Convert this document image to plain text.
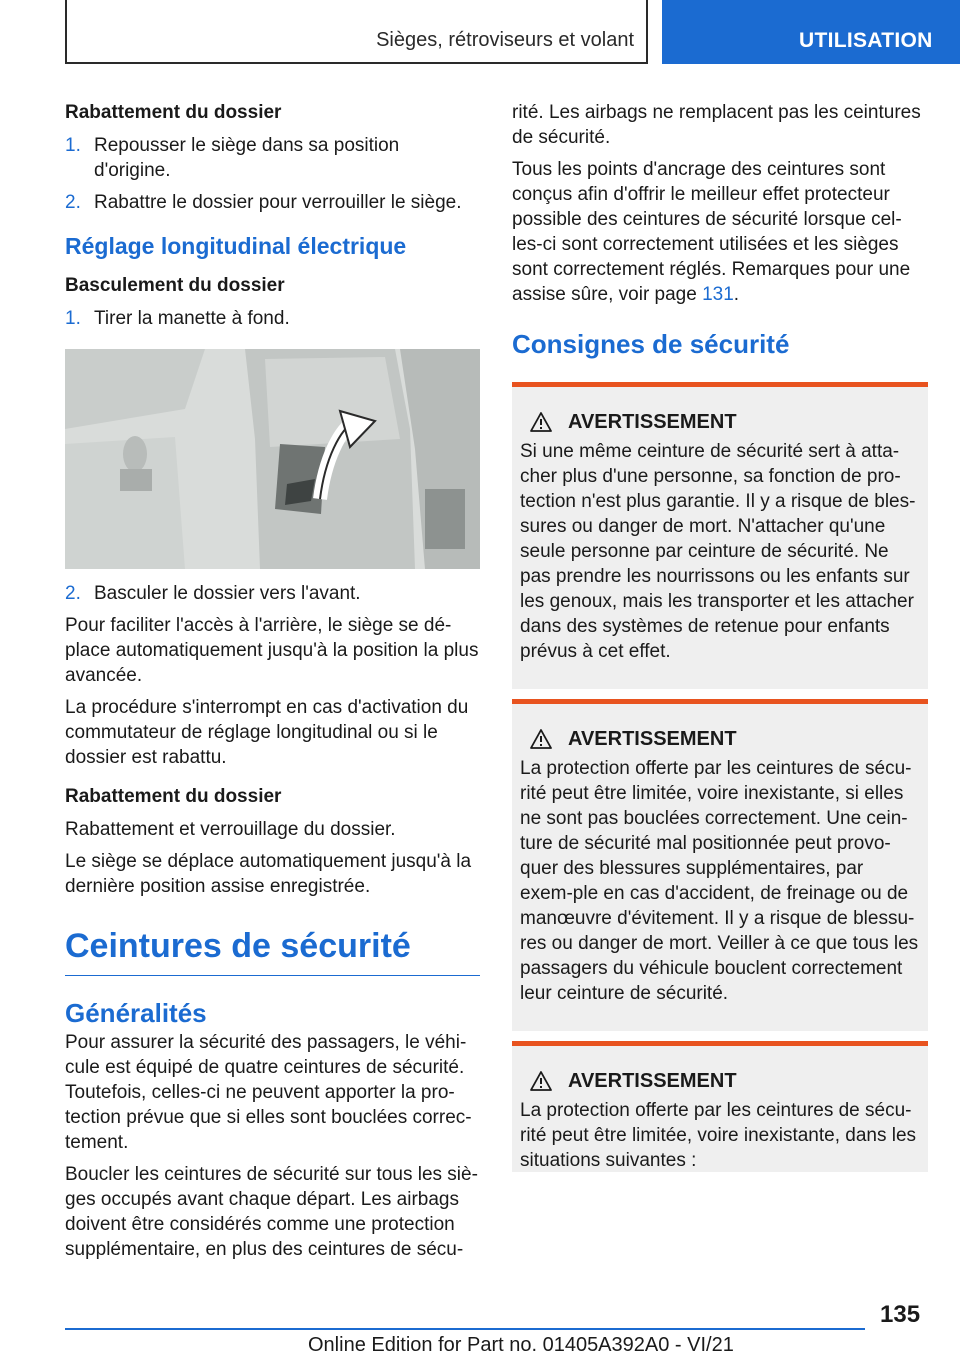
Sièges, rétroviseurs et volant	UTILISATION
Rabattement du dossier
1. Repousser le siège dans sa position d'origine.
2. Rabattre le dossier pour verrouiller le siège.
Réglage longitudinal électrique
Basculement du dossier
1. Tirer la manette à fond.
2. Basculer le dossier vers l'avant.

Pour faciliter l'accès à l'arrière, le siège se dé-place automatiquement jusqu'à la position la plus avancée.

La procédure s'interrompt en cas d'activation du commutateur de réglage longitudinal ou si le dossier est rabattu.

Rabattement du dossier

Rabattement et verrouillage du dossier.

Le siège se déplace automatiquement jusqu'à la dernière position assise enregistrée.

Ceintures de sécurité
Généralités

Pour assurer la sécurité des passagers, le véhi-cule est équipé de quatre ceintures de sécurité. Toutefois, celles-ci ne peuvent apporter la pro-tection prévue que si elles sont bouclées correc-tement.

Boucler les ceintures de sécurité sur tous les siè-ges occupés avant chaque départ. Les airbags doivent être considérés comme une protection supplémentaire, en plus des ceintures de sécu-

rité. Les airbags ne remplacent pas les ceintures de sécurité.

Tous les points d'ancrage des ceintures sont conçus afin d'offrir le meilleur effet protecteur possible des ceintures de sécurité lorsque cel-les-ci sont correctement utilisées et les sièges sont correctement réglés. Remarques pour une assise sûre, voir page 131.

Consignes de sécurité
AVERTISSEMENT

Si une même ceinture de sécurité sert à atta-cher plus d'une personne, sa fonction de pro-tection n'est plus garantie. Il y a risque de bles-sures ou danger de mort. N'attacher qu'une seule personne par ceinture de sécurité. Ne pas prendre les nourrissons ou les enfants sur les genoux, mais les transporter et les attacher dans des systèmes de retenue pour enfants prévus à cet effet.

AVERTISSEMENT

La protection offerte par les ceintures de sécu-rité peut être limitée, voire inexistante, si elles ne sont pas bouclées correctement. Une cein-ture de sécurité mal positionnée peut provo-quer des blessures supplémentaires, par exem-ple en cas d'accident, de freinage ou de manœuvre d'évitement. Il y a risque de blessu-res ou danger de mort. Veiller à ce que tous les passagers du véhicule bouclent correctement leur ceinture de sécurité.

AVERTISSEMENT

La protection offerte par les ceintures de sécu-rité peut être limitée, voire inexistante, dans les situations suivantes :

135
Online Edition for Part no. 01405A392A0 - VI/21
